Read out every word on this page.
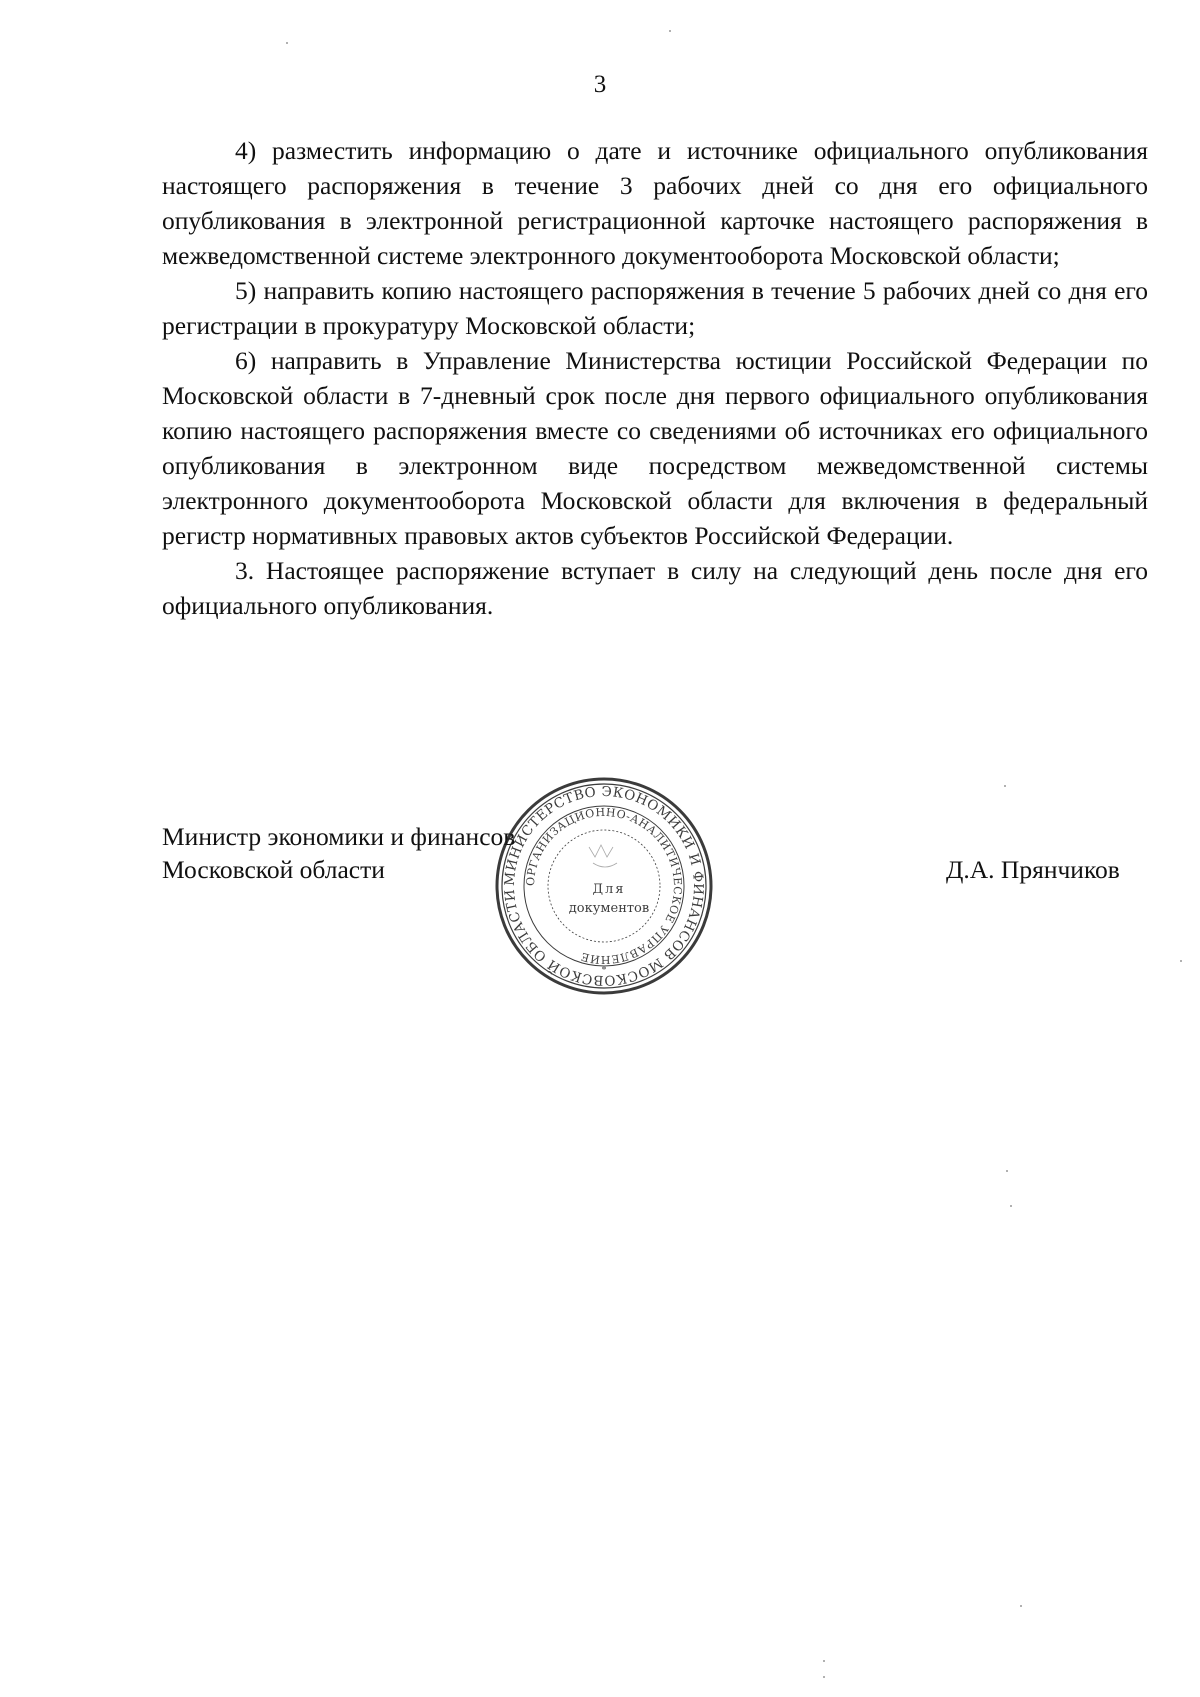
3

4) разместить информацию о дате и источнике официального опубликования настоящего распоряжения в течение 3 рабочих дней со дня его официального опубликования в электронной регистрационной карточке настоящего распоряжения в межведомственной системе электронного документооборота Московской области;

5) направить копию настоящего распоряжения в течение 5 рабочих дней со дня его регистрации в прокуратуру Московской области;

6) направить в Управление Министерства юстиции Российской Федерации по Московской области в 7-дневный срок после дня первого официального опубликования копию настоящего распоряжения вместе со сведениями об источниках его официального опубликования в электронном виде посредством межведомственной системы электронного документооборота Московской области для включения в федеральный регистр нормативных правовых актов субъектов Российской Федерации.

3. Настоящее распоряжение вступает в силу на следующий день после дня его официального опубликования.

Министр экономики и финансов
Московской области	Д.А. Прянчиков
МИНИСТЕРСТВО ЭКОНОМИКИ И ФИНАНСОВ МОСКОВСКОЙ ОБЛАСТИ
ОРГАНИЗАЦИОННО-АНАЛИТИЧЕСКОЕ УПРАВЛЕНИЕ
Для
документов
*
